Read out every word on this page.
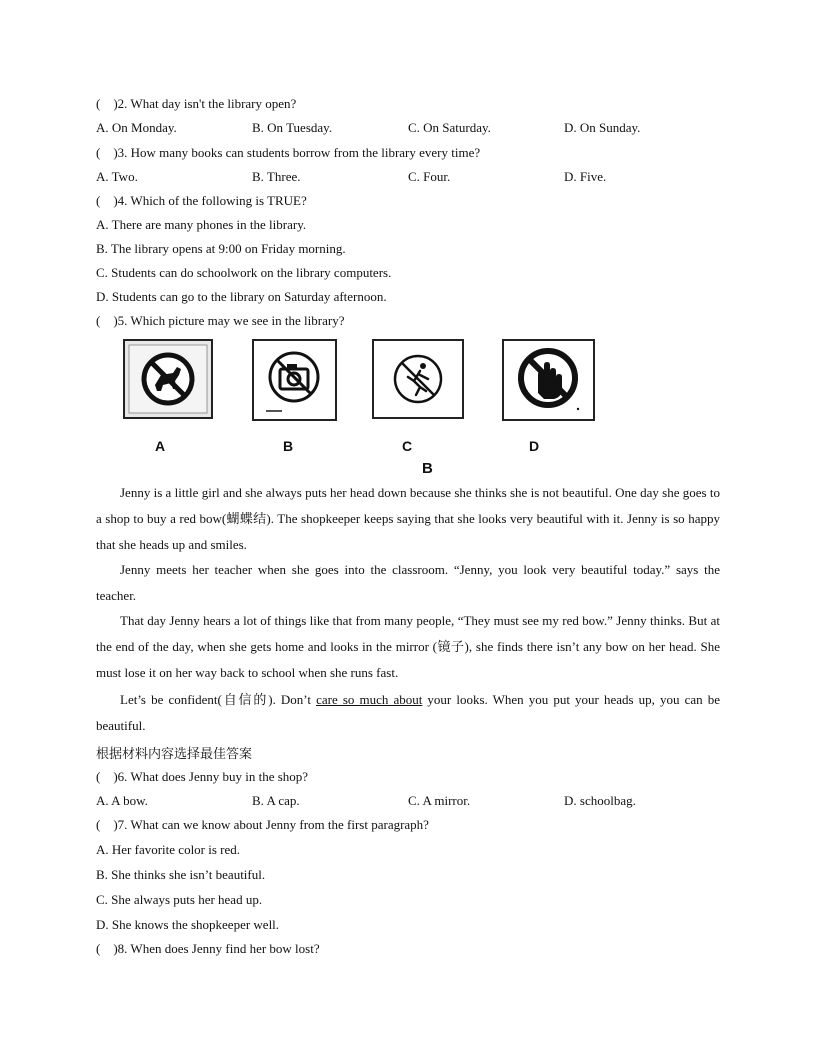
(    )2. What day isn't the library open?
A. On Monday.	B. On Tuesday.	C. On Saturday.	D. On Sunday.
(    )3. How many books can students borrow from the library every time?
A. Two.	B. Three.	C. Four.	D. Five.
(    )4. Which of the following is TRUE?
A. There are many phones in the library.
B. The library opens at 9:00 on Friday morning.
C. Students can do schoolwork on the library computers.
D. Students can go to the library on Saturday afternoon.
(    )5. Which picture may we see in the library?
A	B	C	D
B
Jenny is a little girl and she always puts her head down because she thinks she is not beautiful. One day she goes to a shop to buy a red bow(蝴蝶结). The shopkeeper keeps saying that she looks very beautiful with it. Jenny is so happy that she heads up and smiles.
Jenny meets her teacher when she goes into the classroom. “Jenny, you look very beautiful today.” says the teacher.
That day Jenny hears a lot of things like that from many people, “They must see my red bow.” Jenny thinks. But at the end of the day, when she gets home and looks in the mirror (镜子), she finds there isn’t any bow on her head. She must lose it on her way back to school when she runs fast.
Let’s be confident(自信的). Don’t care so much about your looks. When you put your heads up, you can be beautiful.
根据材料内容选择最佳答案
(    )6. What does Jenny buy in the shop?
A. A bow.	B. A cap.	C. A mirror.	D. schoolbag.
(    )7. What can we know about Jenny from the first paragraph?
A. Her favorite color is red.
B. She thinks she isn’t beautiful.
C. She always puts her head up.
D. She knows the shopkeeper well.
(    )8. When does Jenny find her bow lost?
